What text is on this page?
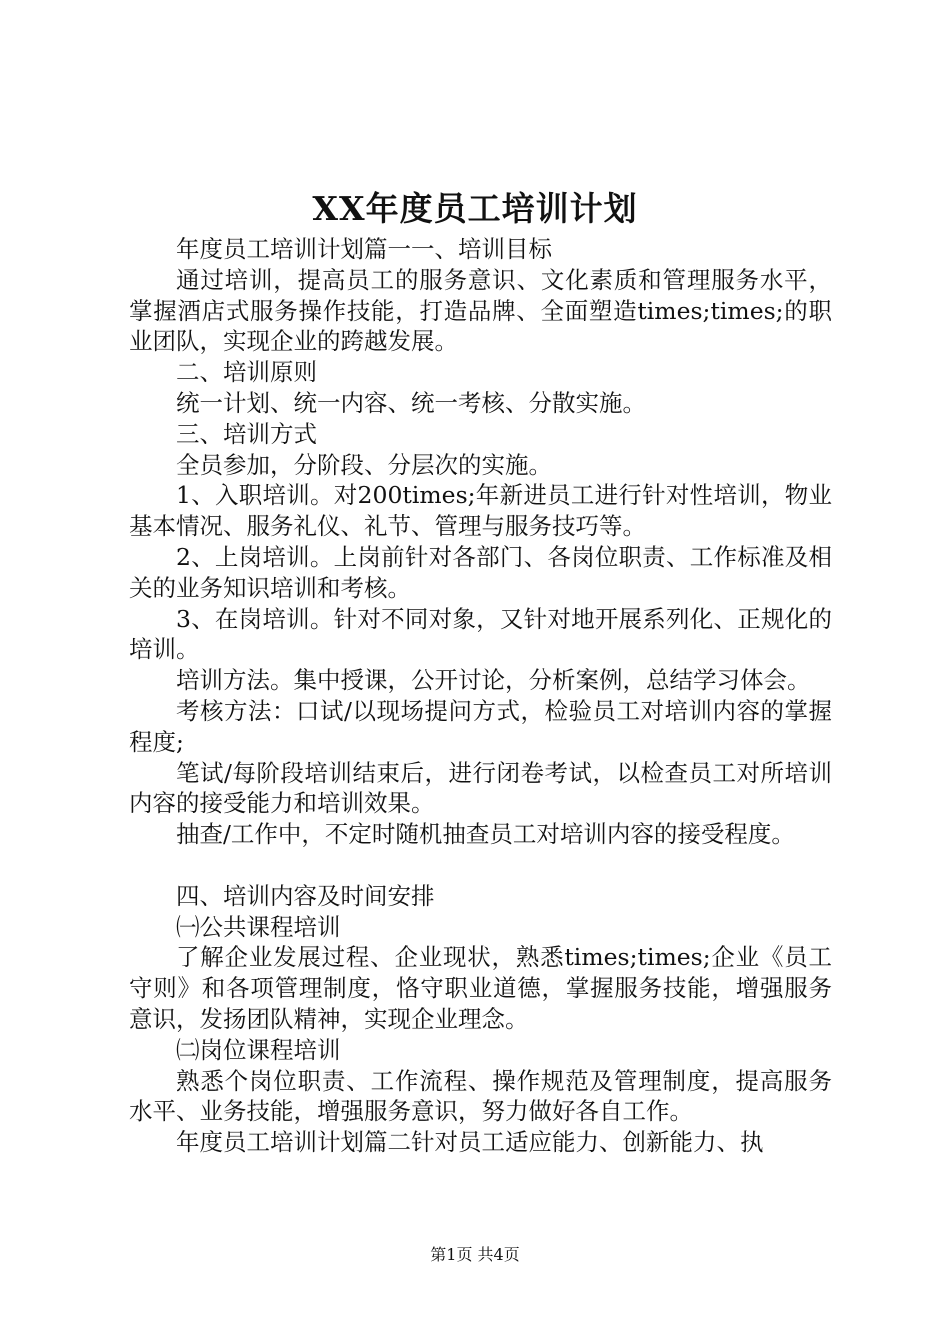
XX年度员工培训计划

年度员工培训计划篇一一、培训目标

通过培训，提高员工的服务意识、文化素质和管理服务水平，掌握酒店式服务操作技能，打造品牌、全面塑造times;times;的职业团队，实现企业的跨越发展。

二、培训原则

统一计划、统一内容、统一考核、分散实施。

三、培训方式

全员参加，分阶段、分层次的实施。

1、入职培训。对200times;年新进员工进行针对性培训，物业基本情况、服务礼仪、礼节、管理与服务技巧等。

2、上岗培训。上岗前针对各部门、各岗位职责、工作标准及相关的业务知识培训和考核。

3、在岗培训。针对不同对象，又针对地开展系列化、正规化的培训。

培训方法。集中授课，公开讨论，分析案例，总结学习体会。

考核方法：口试/以现场提问方式，检验员工对培训内容的掌握程度;

笔试/每阶段培训结束后，进行闭卷考试，以检查员工对所培训内容的接受能力和培训效果。

抽查/工作中，不定时随机抽查员工对培训内容的接受程度。

四、培训内容及时间安排

㈠公共课程培训

了解企业发展过程、企业现状，熟悉times;times;企业《员工守则》和各项管理制度，恪守职业道德，掌握服务技能，增强服务意识，发扬团队精神，实现企业理念。

㈡岗位课程培训

熟悉个岗位职责、工作流程、操作规范及管理制度，提高服务水平、业务技能，增强服务意识，努力做好各自工作。

年度员工培训计划篇二针对员工适应能力、创新能力、执

第1页 共4页
